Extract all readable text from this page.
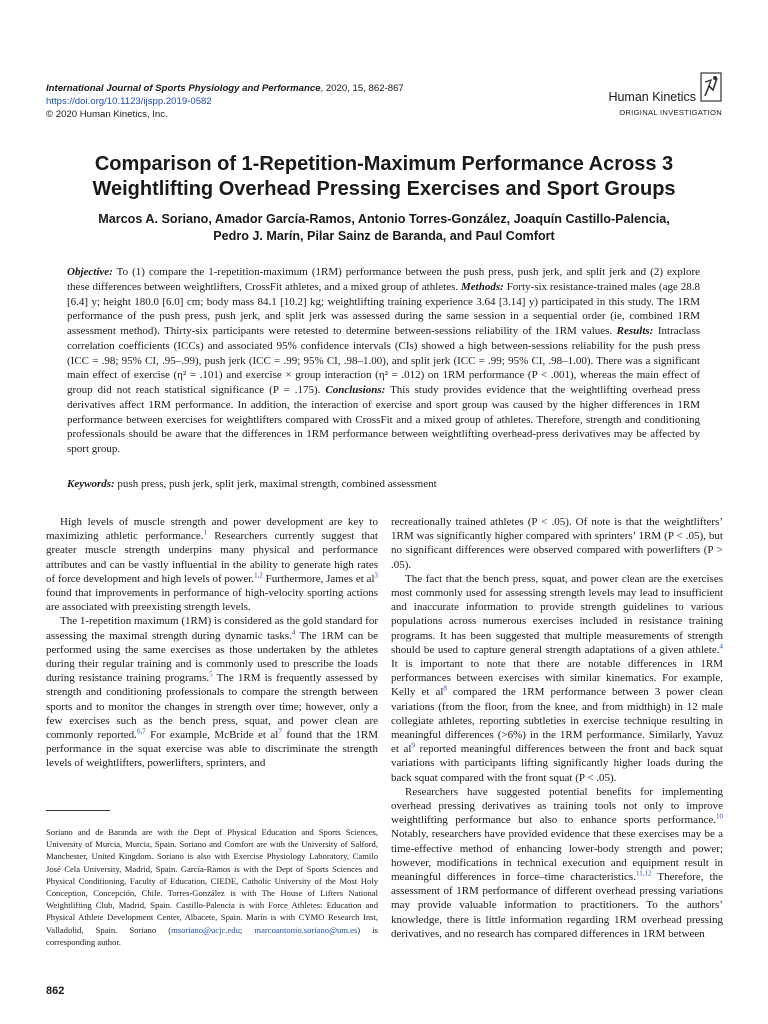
International Journal of Sports Physiology and Performance, 2020, 15, 862-867
https://doi.org/10.1123/ijspp.2019-0582
© 2020 Human Kinetics, Inc.
Human Kinetics
ORIGINAL INVESTIGATION
Comparison of 1-Repetition-Maximum Performance Across 3
Weightlifting Overhead Pressing Exercises and Sport Groups
Marcos A. Soriano, Amador García-Ramos, Antonio Torres-González, Joaquín Castillo-Palencia,
Pedro J. Marín, Pilar Sainz de Baranda, and Paul Comfort
Objective: To (1) compare the 1-repetition-maximum (1RM) performance between the push press, push jerk, and split jerk and (2) explore these differences between weightlifters, CrossFit athletes, and a mixed group of athletes. Methods: Forty-six resistance-trained males (age 28.8 [6.4] y; height 180.0 [6.0] cm; body mass 84.1 [10.2] kg; weightlifting training experience 3.64 [3.14] y) participated in this study. The 1RM performance of the push press, push jerk, and split jerk was assessed during the same session in a sequential order (ie, combined 1RM assessment method). Thirty-six participants were retested to determine between-sessions reliability of the 1RM values. Results: Intraclass correlation coefficients (ICCs) and associated 95% confidence intervals (CIs) showed a high between-sessions reliability for the push press (ICC = .98; 95% CI, .95–.99), push jerk (ICC = .99; 95% CI, .98–1.00), and split jerk (ICC = .99; 95% CI, .98–1.00). There was a significant main effect of exercise (η² = .101) and exercise × group interaction (η² = .012) on 1RM performance (P < .001), whereas the main effect of group did not reach statistical significance (P = .175). Conclusions: This study provides evidence that the weightlifting overhead press derivatives affect 1RM performance. In addition, the interaction of exercise and sport group was caused by the higher differences in 1RM performance between exercises for weightlifters compared with CrossFit and a mixed group of athletes. Therefore, strength and conditioning professionals should be aware that the differences in 1RM performance between weightlifting overhead-press derivatives may be affected by sport group.
Keywords: push press, push jerk, split jerk, maximal strength, combined assessment

High levels of muscle strength and power development are key to maximizing athletic performance.$^1$ Researchers currently suggest that greater muscle strength underpins many physical and performance attributes and can be vastly influential in the ability to generate high rates of force development and high levels of power.$^{1,2}$ Furthermore, James et $al^3$ found that improvements in performance of high-velocity sporting actions are associated with preexisting strength levels.

The 1-repetition maximum (1RM) is considered as the gold standard for assessing the maximal strength during dynamic tasks.$^4$ The 1RM can be performed using the same exercises as those undertaken by the athletes during their regular training and is commonly used to prescribe the loads during resistance training programs.$^5$ The 1RM is frequently assessed by strength and conditioning professionals to compare the strength between sports and to monitor the changes in strength over time; however, only a few exercises such as the bench press, squat, and power clean are commonly reported.$^{6,7}$ For example, McBride et $al^7$ found that the 1RM performance in the squat exercise was able to discriminate the strength levels of weightlifters, powerlifters, sprinters, and

recreationally trained athletes (P < .05). Of note is that the weightlifters’ 1RM was significantly higher compared with sprinters’ 1RM (P < .05), but no significant differences were observed compared with powerlifters (P > .05).

The fact that the bench press, squat, and power clean are the exercises most commonly used for assessing strength levels may lead to insufficient and inaccurate information to provide strength guidelines to various populations across numerous exercises included in resistance training programs. It has been suggested that multiple measurements of strength should be used to capture general strength adaptations of a given athlete.$^4$ It is important to note that there are notable differences in 1RM performances between exercises with similar kinematics. For example, Kelly et $al^8$ compared the 1RM performance between 3 power clean variations (from the floor, from the knee, and from midthigh) in 12 male collegiate athletes, reporting subtleties in exercise technique resulting in meaningful differences (>6%) in the 1RM performance. Similarly, Yavuz et $al^9$ reported meaningful differences between the front and back squat variations with participants lifting significantly higher loads during the back squat compared with the front squat (P < .05).

Researchers have suggested potential benefits for implementing overhead pressing derivatives as training tools not only to improve weightlifting performance but also to enhance sports performance.$^{10}$ Notably, researchers have provided evidence that these exercises may be a time-effective method of enhancing lower-body strength and power; however, modifications in technical execution and equipment result in meaningful differences in force–time characteristics.$^{11,12}$ Therefore, the assessment of 1RM performance of different overhead pressing variations may provide valuable information to practitioners. To the authors’ knowledge, there is little information regarding 1RM overhead pressing derivatives, and no research has compared differences in 1RM between

Soriano and de Baranda are with the Dept of Physical Education and Sports Sciences, University of Murcia, Murcia, Spain. Soriano and Comfort are with the University of Salford, Manchester, United Kingdom. Soriano is also with Exercise Physiology Laboratory, Camilo José Cela University, Madrid, Spain. García-Ramos is with the Dept of Sports Sciences and Physical Conditioning, Faculty of Education, CIEDE, Catholic University of the Most Holy Conception, Concepción, Chile. Torres-González is with The House of Lifters National Weightlifting Club, Madrid, Spain. Castillo-Palencia is with Force Athletes: Education and Physical Athlete Development Center, Albacete, Spain. Marín is with CYMO Research Inst, Valladolid, Spain. Soriano (msoriano@ucjc.edu; marcoantonio.soriano@um.es) is corresponding author.
862
